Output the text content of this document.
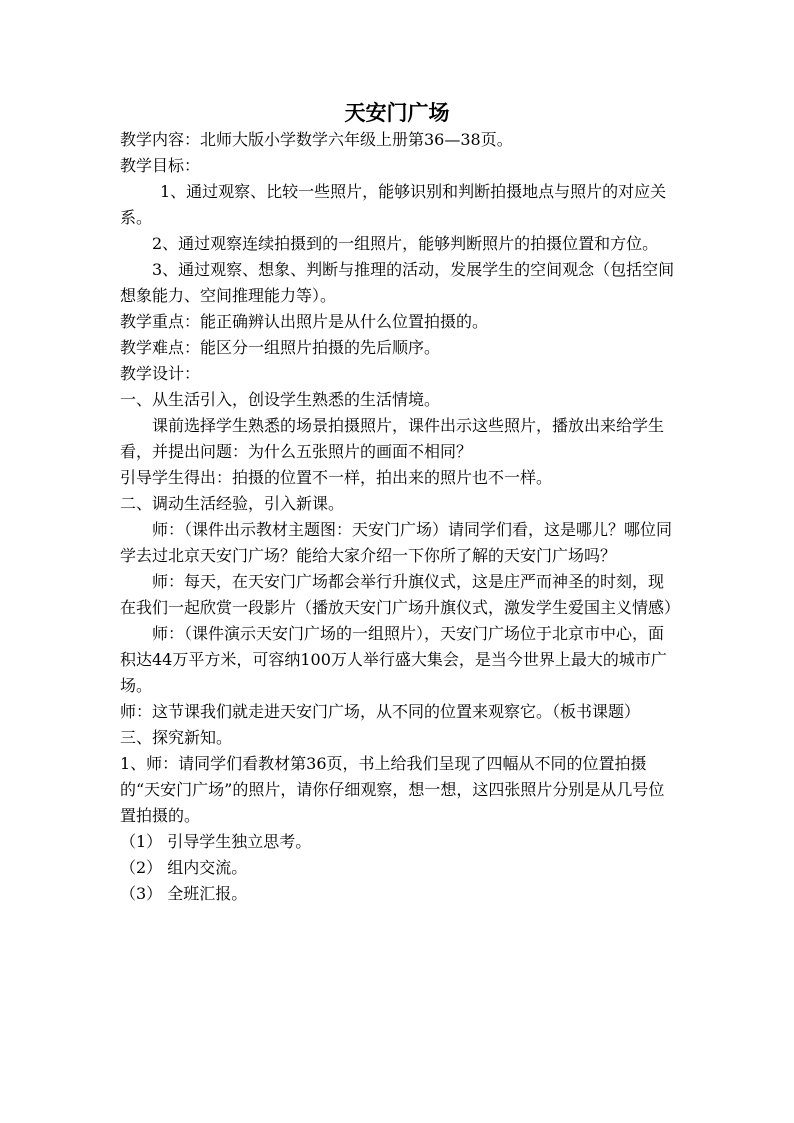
天安门广场

教学内容：北师大版小学数学六年级上册第36—38页。

教学目标：

1、通过观察、比较一些照片，能够识别和判断拍摄地点与照片的对应关系。

2、通过观察连续拍摄到的一组照片，能够判断照片的拍摄位置和方位。

3、通过观察、想象、判断与推理的活动，发展学生的空间观念（包括空间想象能力、空间推理能力等）。

教学重点：能正确辨认出照片是从什么位置拍摄的。

教学难点：能区分一组照片拍摄的先后顺序。

教学设计：

一、从生活引入，创设学生熟悉的生活情境。

课前选择学生熟悉的场景拍摄照片，课件出示这些照片，播放出来给学生看，并提出问题：为什么五张照片的画面不相同？

引导学生得出：拍摄的位置不一样，拍出来的照片也不一样。

二、调动生活经验，引入新课。

师：（课件出示教材主题图：天安门广场）请同学们看，这是哪儿？哪位同学去过北京天安门广场？能给大家介绍一下你所了解的天安门广场吗？

师：每天，在天安门广场都会举行升旗仪式，这是庄严而神圣的时刻，现在我们一起欣赏一段影片（播放天安门广场升旗仪式，激发学生爱国主义情感）

师：（课件演示天安门广场的一组照片），天安门广场位于北京市中心，面积达44万平方米，可容纳100万人举行盛大集会，是当今世界上最大的城市广场。

师：这节课我们就走进天安门广场，从不同的位置来观察它。（板书课题）

三、探究新知。

1、师：请同学们看教材第36页，书上给我们呈现了四幅从不同的位置拍摄的“天安门广场”的照片，请你仔细观察，想一想，这四张照片分别是从几号位置拍摄的。

（1） 引导学生独立思考。

（2） 组内交流。

（3） 全班汇报。
